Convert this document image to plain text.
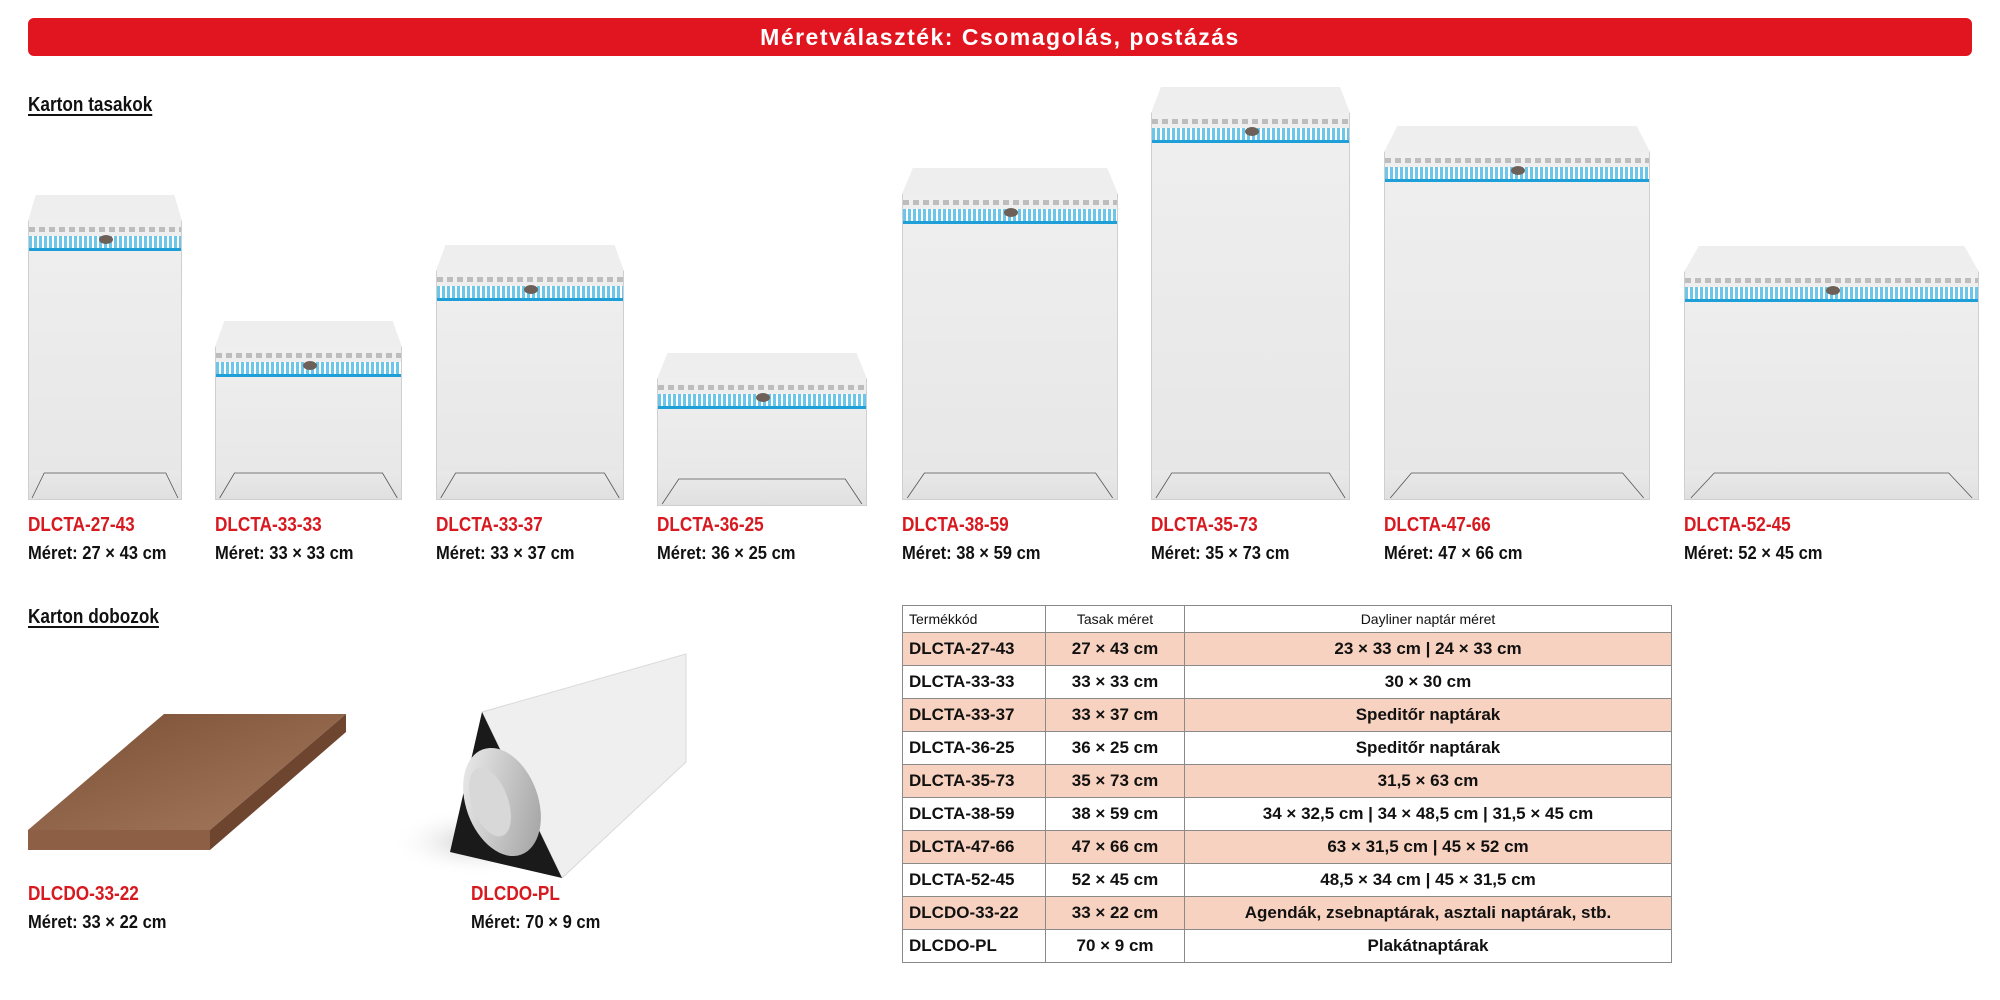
Méretválaszték: Csomagolás, postázás
Karton tasakok
Karton dobozok
DLCTA-27-43
Méret: 27 × 43 cm
DLCTA-33-33
Méret: 33 × 33 cm
DLCTA-33-37
Méret: 33 × 37 cm
DLCTA-36-25
Méret: 36 × 25 cm
DLCTA-38-59
Méret: 38 × 59 cm
DLCTA-35-73
Méret: 35 × 73 cm
DLCTA-47-66
Méret: 47 × 66 cm
DLCTA-52-45
Méret: 52 × 45 cm
DLCDO-33-22
Méret: 33 × 22 cm
DLCDO-PL
Méret: 70 × 9 cm
Termékkód	Tasak méret	Dayliner naptár méret
DLCTA-27-43	27 × 43 cm	23 × 33 cm | 24 × 33 cm
DLCTA-33-33	33 × 33 cm	30 × 30 cm
DLCTA-33-37	33 × 37 cm	Speditőr naptárak
DLCTA-36-25	36 × 25 cm	Speditőr naptárak
DLCTA-35-73	35 × 73 cm	31,5 × 63 cm
DLCTA-38-59	38 × 59 cm	34 × 32,5 cm | 34 × 48,5 cm | 31,5 × 45 cm
DLCTA-47-66	47 × 66 cm	63 × 31,5 cm | 45 × 52 cm
DLCTA-52-45	52 × 45 cm	48,5 × 34 cm | 45 × 31,5 cm
DLCDO-33-22	33 × 22 cm	Agendák, zsebnaptárak, asztali naptárak, stb.
DLCDO-PL	70 × 9 cm	Plakátnaptárak
